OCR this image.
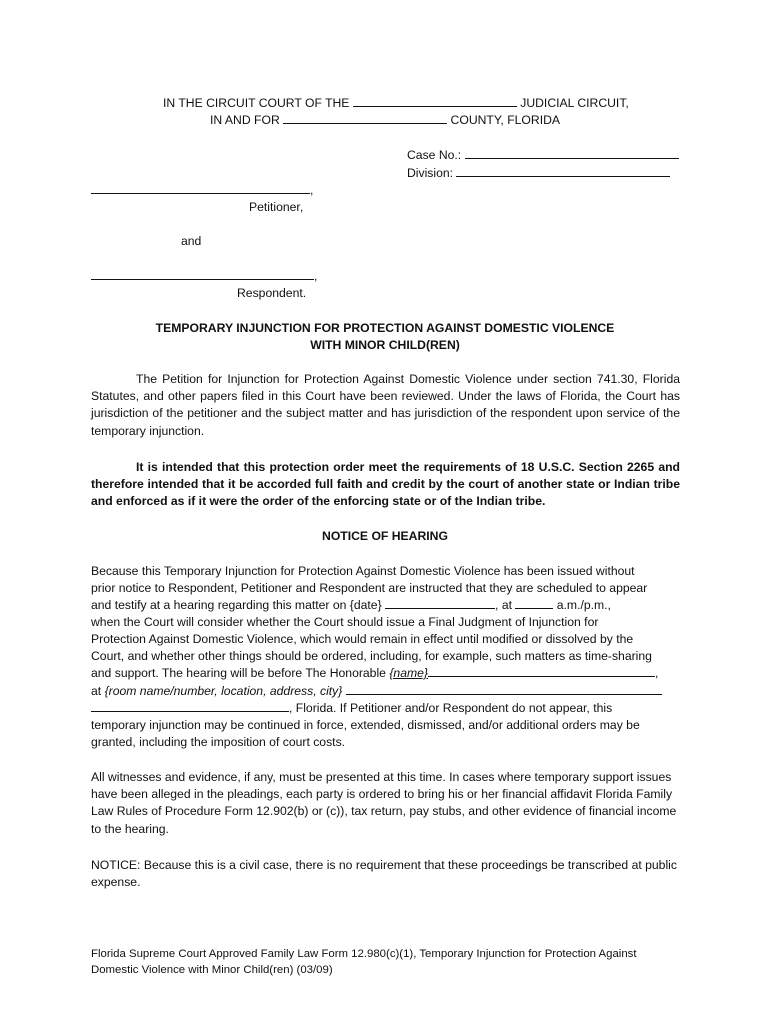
IN THE CIRCUIT COURT OF THE	JUDICIAL CIRCUIT,
IN AND FOR	COUNTY, FLORIDA
Case No.:
Division:
,
Petitioner,
and
,
Respondent.
TEMPORARY INJUNCTION FOR PROTECTION AGAINST DOMESTIC VIOLENCE
WITH MINOR CHILD(REN)
The Petition for Injunction for Protection Against Domestic Violence under section 741.30, Florida Statutes, and other papers filed in this Court have been reviewed. Under the laws of Florida, the Court has jurisdiction of the petitioner and the subject matter and has jurisdiction of the respondent upon service of the temporary injunction.
It is intended that this protection order meet the requirements of 18 U.S.C. Section 2265 and therefore intended that it be accorded full faith and credit by the court of another state or Indian tribe and enforced as if it were the order of the enforcing state or of the Indian tribe.
NOTICE OF HEARING
Because this Temporary Injunction for Protection Against Domestic Violence has been issued without
prior notice to Respondent, Petitioner and Respondent are instructed that they are scheduled to appear
and testify at a hearing regarding this matter on {date}	, at	a.m./p.m.,
when the Court will consider whether the Court should issue a Final Judgment of Injunction for
Protection Against Domestic Violence, which would remain in effect until modified or dissolved by the
Court, and whether other things should be ordered, including, for example, such matters as time-sharing
and support. The hearing will be before The Honorable {name}	,
at {room name/number, location, address, city}
, Florida. If Petitioner and/or Respondent do not appear, this
temporary injunction may be continued in force, extended, dismissed, and/or additional orders may be
granted, including the imposition of court costs.
All witnesses and evidence, if any, must be presented at this time. In cases where temporary support issues have been alleged in the pleadings, each party is ordered to bring his or her financial affidavit Florida Family Law Rules of Procedure Form 12.902(b) or (c)), tax return, pay stubs, and other evidence of financial income to the hearing.
NOTICE: Because this is a civil case, there is no requirement that these proceedings be transcribed at public expense.
Florida Supreme Court Approved Family Law Form 12.980(c)(1), Temporary Injunction for Protection Against
Domestic Violence with Minor Child(ren) (03/09)
